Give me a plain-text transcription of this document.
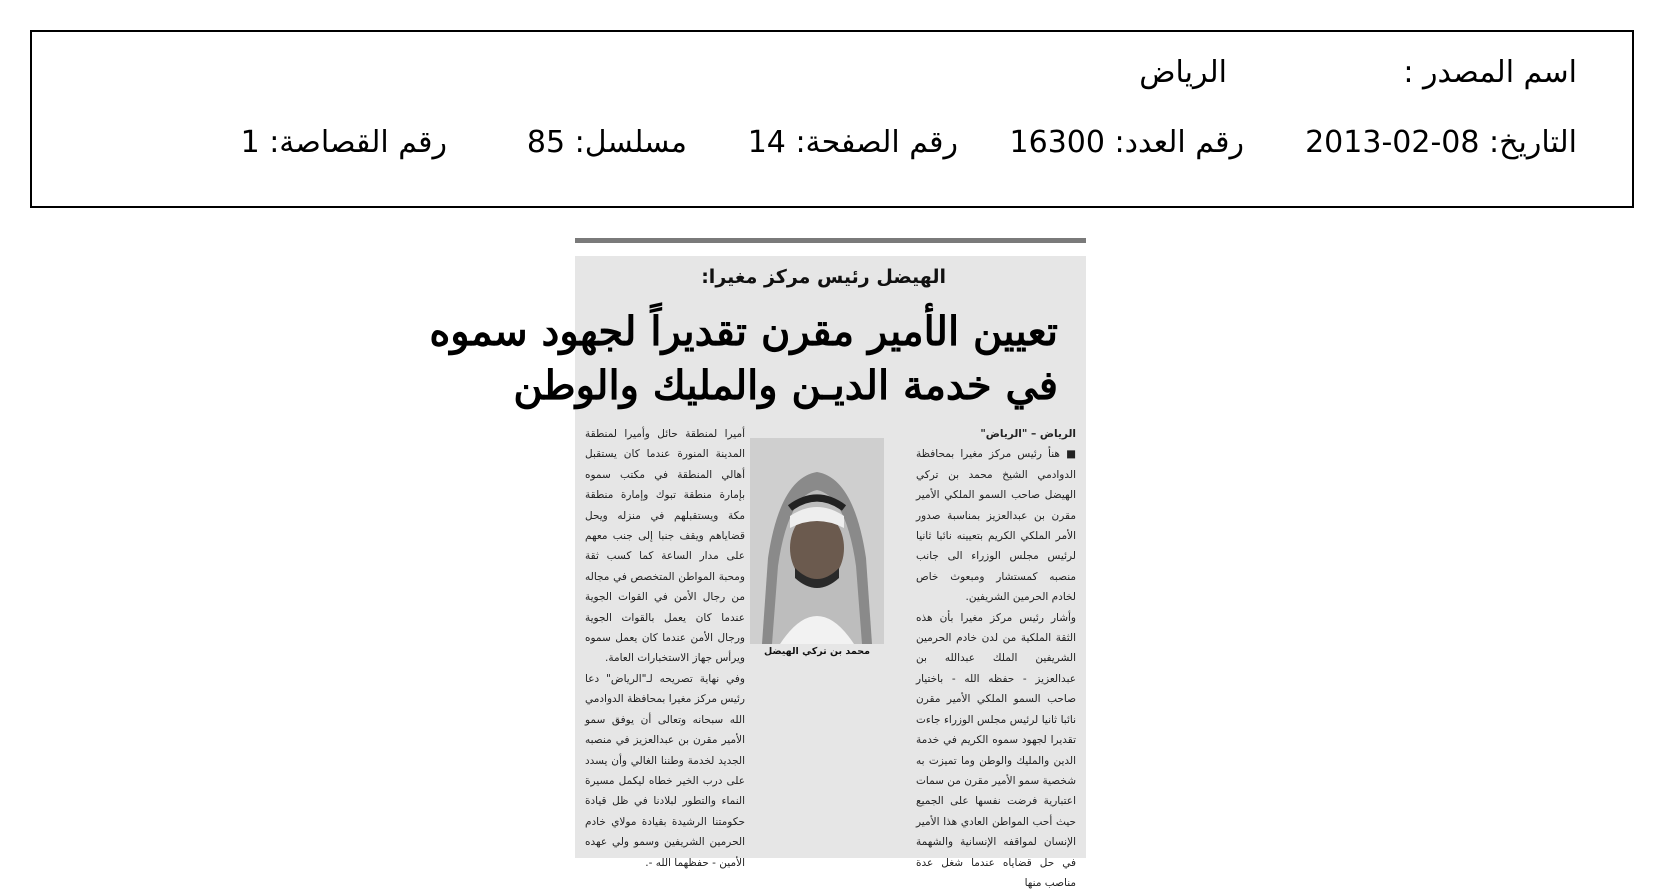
اسم المصدر :
الرياض
التاريخ: 08-02-2013
رقم العدد: 16300
رقم الصفحة: 14
مسلسل: 85
رقم القصاصة: 1
الهيضل رئيس مركز مغيرا:
تعيين الأمير مقرن تقديراً لجهود سموه
في خدمة الديـن والمليك والوطن

الرياض – "الرياض"

■ هنأ رئيس مركز مغيرا بمحافظة الدوادمي الشيخ محمد بن تركي الهيضل صاحب السمو الملكي الأمير مقرن بن عبدالعزيز بمناسبة صدور الأمر الملكي الكريم بتعيينه نائبا ثانيا لرئيس مجلس الوزراء الى جانب منصبه كمستشار ومبعوث خاص لخادم الحرمين الشريفين.

وأشار رئيس مركز مغيرا بأن هذه الثقة الملكية من لدن خادم الحرمين الشريفين الملك عبدالله بن عبدالعزيز - حفظه الله - باختيار صاحب السمو الملكي الأمير مقرن نائبا ثانيا لرئيس مجلس الوزراء جاءت تقديرا لجهود سموه الكريم في خدمة الدين والمليك والوطن وما تميزت به شخصية سمو الأمير مقرن من سمات اعتبارية فرضت نفسها على الجميع حيث أحب المواطن العادي هذا الأمير الإنسان لمواقفه الإنسانية والشهمة في حل قضاياه عندما شغل عدة مناصب منها

محمد بن تركي الهيضل

أميرا لمنطقة حائل وأميرا لمنطقة المدينة المنورة عندما كان يستقبل أهالي المنطقة في مكتب سموه بإمارة منطقة تبوك وإمارة منطقة مكة ويستقبلهم في منزله ويحل قضاياهم ويقف جنبا إلى جنب معهم على مدار الساعة كما كسب ثقة ومحبة المواطن المتخصص في مجاله من رجال الأمن في القوات الجوية عندما كان يعمل بالقوات الجوية ورجال الأمن عندما كان يعمل سموه ويرأس جهاز الاستخبارات العامة.

وفي نهاية تصريحه لـ"الرياض" دعا رئيس مركز مغيرا بمحافظة الدوادمي الله سبحانه وتعالى أن يوفق سمو الأمير مقرن بن عبدالعزيز في منصبه الجديد لخدمة وطننا الغالي وأن يسدد على درب الخير خطاه ليكمل مسيرة النماء والتطور لبلادنا في ظل قيادة حكومتنا الرشيدة بقيادة مولاي خادم الحرمين الشريفين وسمو ولي عهده الأمين - حفظهما الله -.
